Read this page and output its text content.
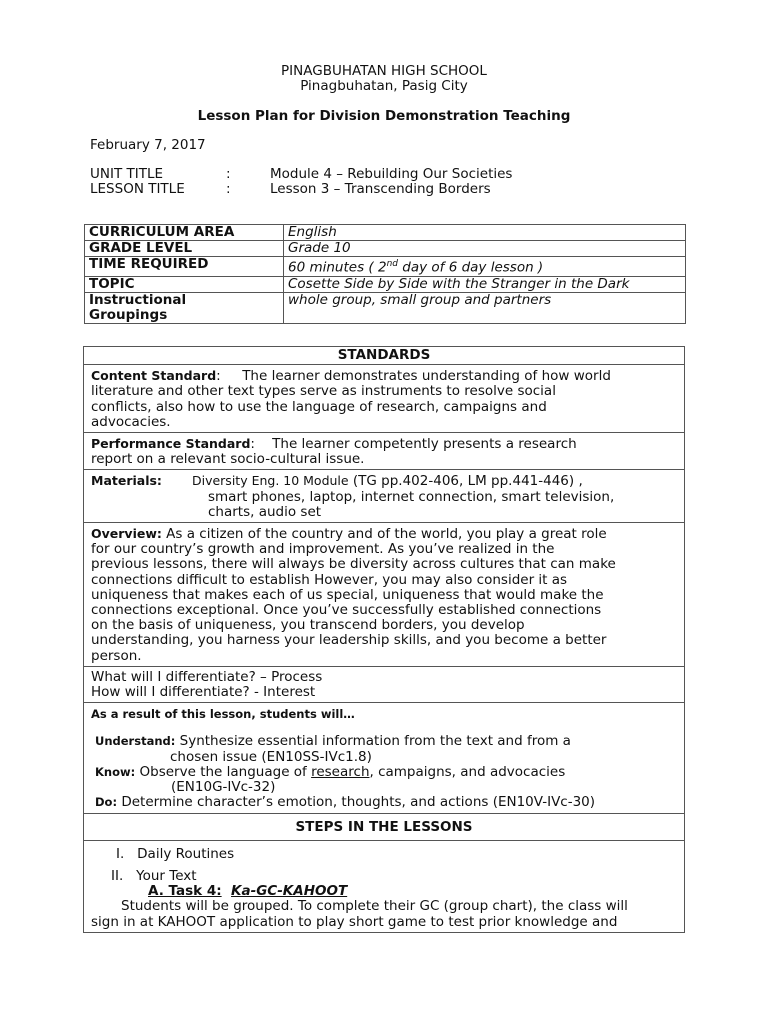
PINAGBUHATAN HIGH SCHOOL
Pinagbuhatan, Pasig City
Lesson Plan for Division Demonstration Teaching
February 7, 2017
UNIT TITLE	:	Module 4 – Rebuilding Our Societies
LESSON TITLE	:	Lesson 3 – Transcending Borders
CURRICULUM AREA	English
GRADE LEVEL	Grade 10
TIME REQUIRED	60 minutes ( 2nd day of 6 day lesson )
TOPIC	Cosette Side by Side with the Stranger in the Dark

Instructional
Groupings	whole group, small group and partners
STANDARDS
Content Standard: The learner demonstrates understanding of how world
literature and other text types serve as instruments to resolve social
conflicts, also how to use the language of research, campaigns and
advocacies.
Performance Standard: The learner competently presents a research
report on a relevant socio-cultural issue.
Materials: Diversity Eng. 10 Module (TG pp.402-406, LM pp.441-446) ,
smart phones, laptop, internet connection, smart television,
charts, audio set
Overview: As a citizen of the country and of the world, you play a great role
for our country’s growth and improvement. As you’ve realized in the
previous lessons, there will always be diversity across cultures that can make
connections difficult to establish However, you may also consider it as
uniqueness that makes each of us special, uniqueness that would make the
connections exceptional. Once you’ve successfully established connections
on the basis of uniqueness, you transcend borders, you develop
understanding, you harness your leadership skills, and you become a better
person.
What will I differentiate? – Process
How will I differentiate? - Interest
As a result of this lesson, students will…
Understand: Synthesize essential information from the text and from a
chosen issue (EN10SS-IVc1.8)
Know: Observe the language of research, campaigns, and advocacies
(EN10G-IVc-32)
Do: Determine character’s emotion, thoughts, and actions (EN10V-IVc-30)
STEPS IN THE LESSONS
I. Daily Routines
II. Your Text
A. Task 4: Ka-GC-KAHOOT
Students will be grouped. To complete their GC (group chart), the class will
sign in at KAHOOT application to play short game to test prior knowledge and
